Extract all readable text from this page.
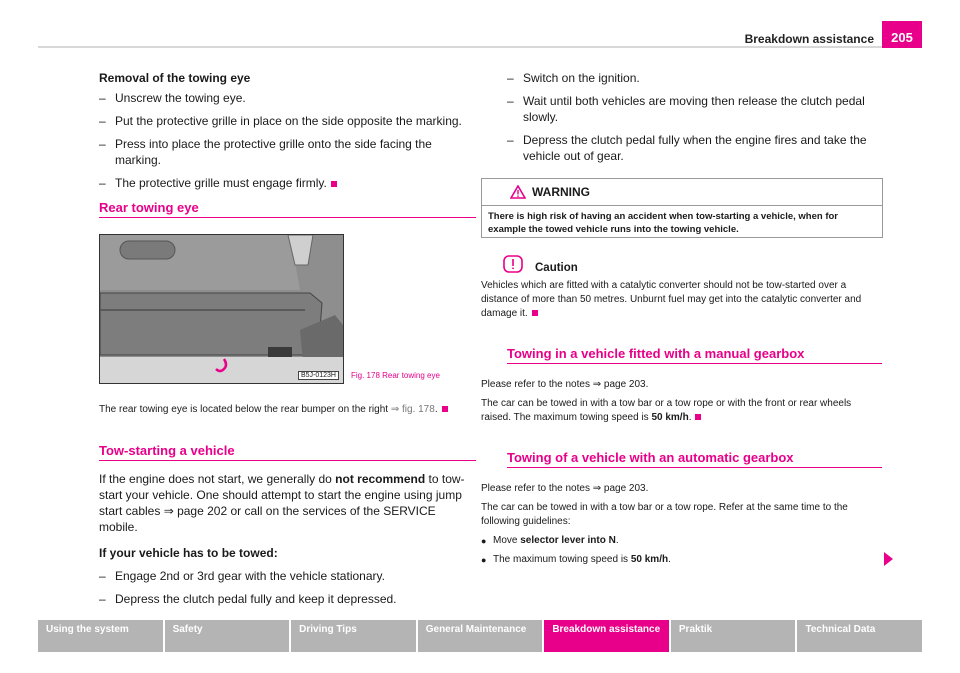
Breakdown assistance	205
Removal of the towing eye
– Unscrew the towing eye.
– Put the protective grille in place on the side opposite the marking.
– Press into place the protective grille onto the side facing the marking.
– The protective grille must engage firmly.
Rear towing eye
B5J-0123H	Fig. 178 Rear towing eye
The rear towing eye is located below the rear bumper on the right ⇒ fig. 178.
Tow-starting a vehicle
If the engine does not start, we generally do not recommend to tow-start your vehicle. One should attempt to start the engine using jump start cables ⇒ page 202 or call on the services of the SERVICE mobile.
If your vehicle has to be towed:
– Engage 2nd or 3rd gear with the vehicle stationary.
– Depress the clutch pedal fully and keep it depressed.
– Switch on the ignition.
– Wait until both vehicles are moving then release the clutch pedal slowly.
– Depress the clutch pedal fully when the engine fires and take the vehicle out of gear.
WARNING
There is high risk of having an accident when tow-starting a vehicle, when for example the towed vehicle runs into the towing vehicle.
Caution
Vehicles which are fitted with a catalytic converter should not be tow-started over a distance of more than 50 metres. Unburnt fuel may get into the catalytic converter and damage it.
Towing in a vehicle fitted with a manual gearbox
Please refer to the notes ⇒ page 203.
The car can be towed in with a tow bar or a tow rope or with the front or rear wheels raised. The maximum towing speed is 50 km/h.
Towing of a vehicle with an automatic gearbox
Please refer to the notes ⇒ page 203.
The car can be towed in with a tow bar or a tow rope. Refer at the same time to the following guidelines:
● Move selector lever into N.
● The maximum towing speed is 50 km/h.
Using the system	Safety	Driving Tips	General Maintenance	Breakdown assistance	Praktik	Technical Data
